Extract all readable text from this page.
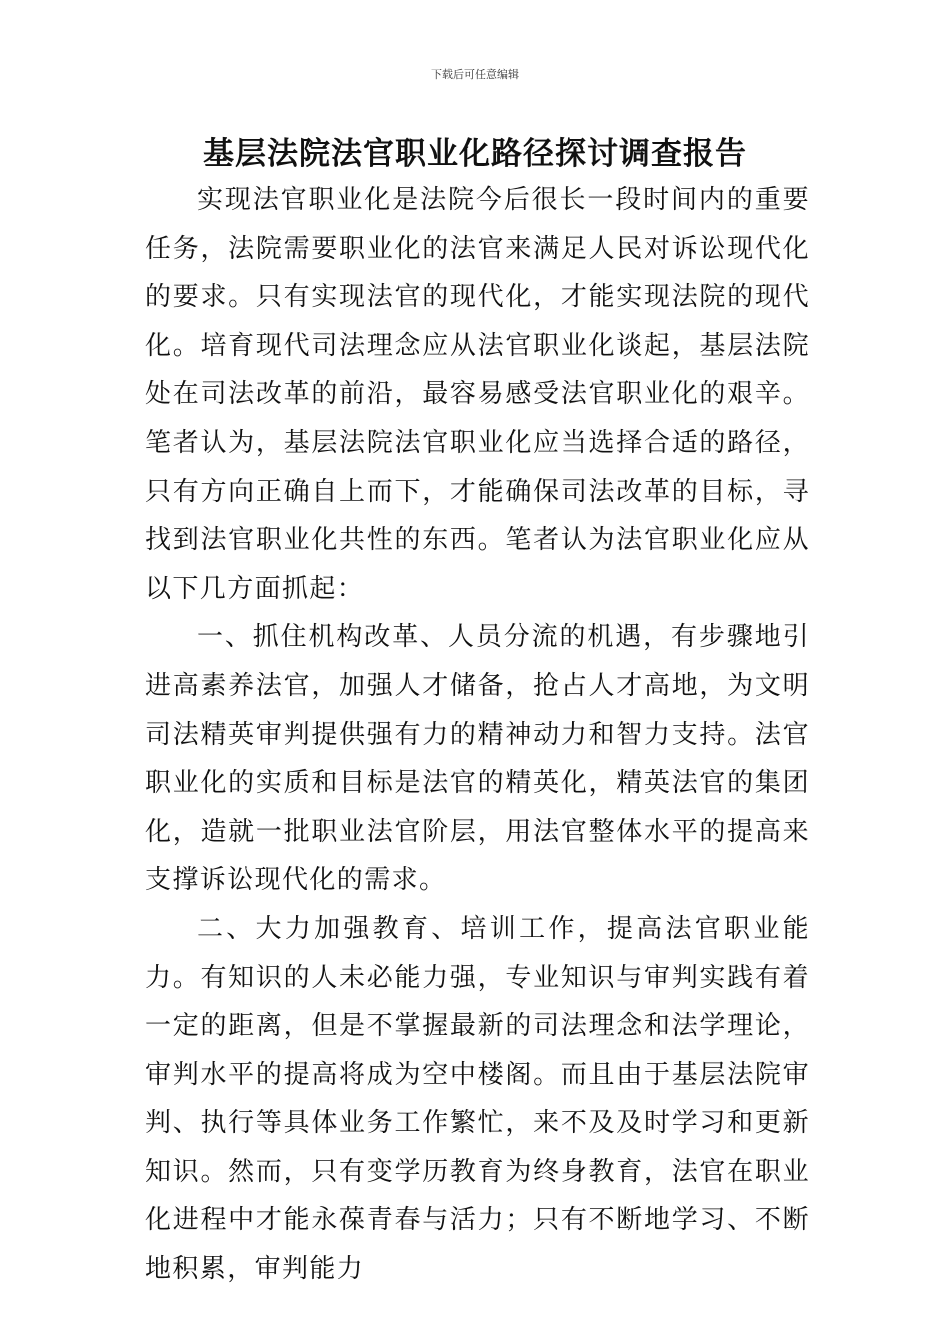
下载后可任意编辑
基层法院法官职业化路径探讨调查报告

实现法官职业化是法院今后很长一段时间内的重要任务，法院需要职业化的法官来满足人民对诉讼现代化的要求。只有实现法官的现代化，才能实现法院的现代化。培育现代司法理念应从法官职业化谈起，基层法院处在司法改革的前沿，最容易感受法官职业化的艰辛。笔者认为，基层法院法官职业化应当选择合适的路径，只有方向正确自上而下，才能确保司法改革的目标，寻找到法官职业化共性的东西。笔者认为法官职业化应从以下几方面抓起：

一、抓住机构改革、人员分流的机遇，有步骤地引进高素养法官，加强人才储备，抢占人才高地，为文明司法精英审判提供强有力的精神动力和智力支持。法官职业化的实质和目标是法官的精英化，精英法官的集团化，造就一批职业法官阶层，用法官整体水平的提高来支撑诉讼现代化的需求。

二、大力加强教育、培训工作，提高法官职业能力。有知识的人未必能力强，专业知识与审判实践有着一定的距离，但是不掌握最新的司法理念和法学理论，审判水平的提高将成为空中楼阁。而且由于基层法院审判、执行等具体业务工作繁忙，来不及及时学习和更新知识。然而，只有变学历教育为终身教育，法官在职业化进程中才能永葆青春与活力；只有不断地学习、不断地积累，审判能力
